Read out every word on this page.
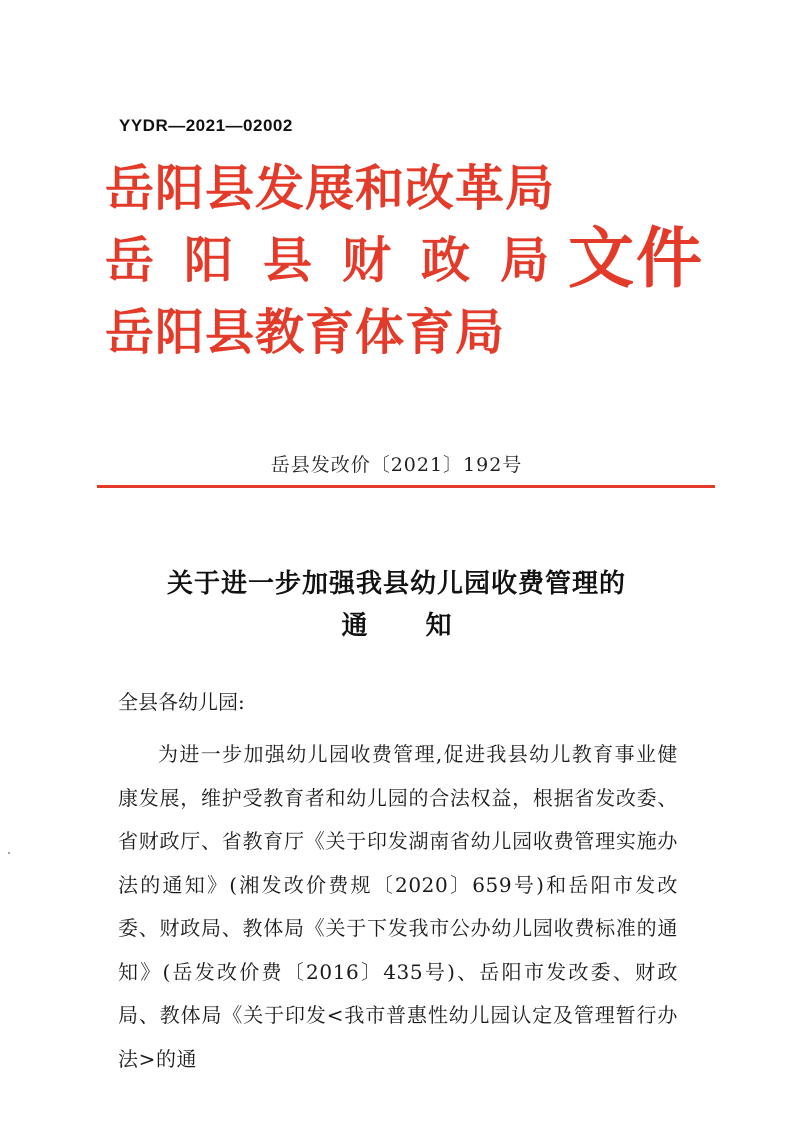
YYDR—2021—02002
岳阳县发展和改革局
岳阳县财政局
岳阳县教育体育局
文件
岳县发改价〔2021〕192号
关于进一步加强我县幼儿园收费管理的
通知
全县各幼儿园:
为进一步加强幼儿园收费管理,促进我县幼儿教育事业健康发展，维护受教育者和幼儿园的合法权益，根据省发改委、省财政厅、省教育厅《关于印发湖南省幼儿园收费管理实施办法的通知》(湘发改价费规〔2020〕659号)和岳阳市发改委、财政局、教体局《关于下发我市公办幼儿园收费标准的通知》(岳发改价费〔2016〕435号)、岳阳市发改委、财政局、教体局《关于印发<我市普惠性幼儿园认定及管理暂行办法>的通
